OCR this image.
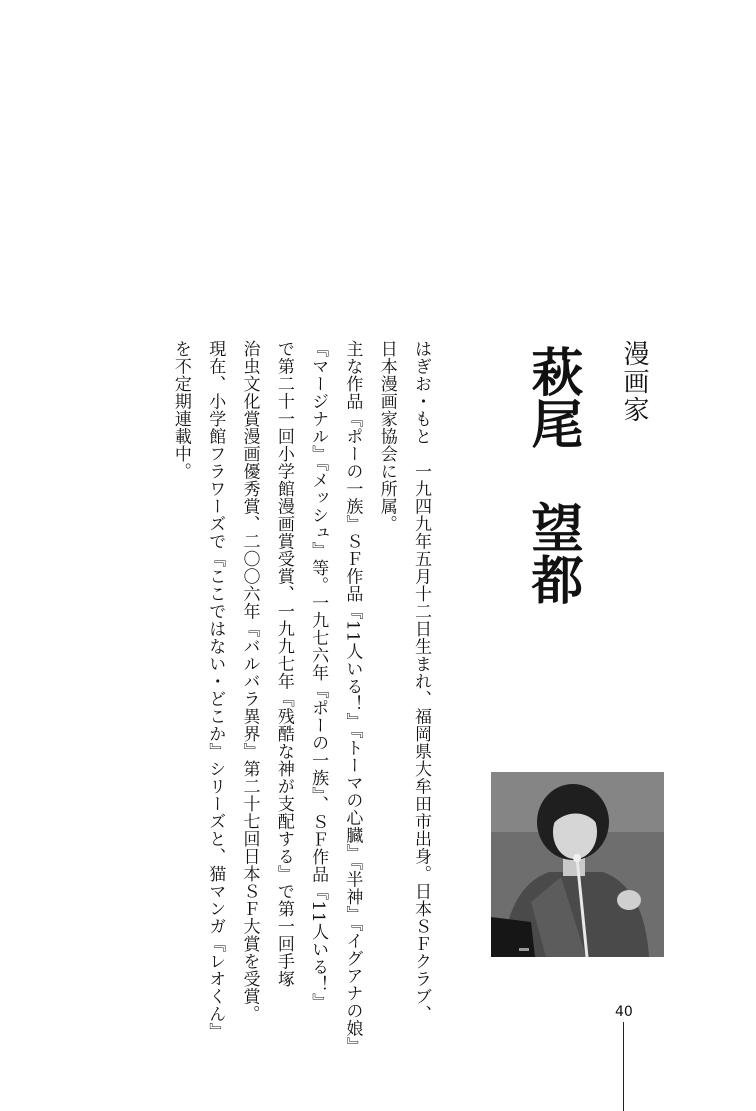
漫画家
萩尾　望都

はぎお・もと　一九四九年五月十二日生まれ、福岡県大牟田市出身。日本ＳＦクラブ、

日本漫画家協会に所属。

主な作品『ポーの一族』ＳＦ作品『11人いる！』『トーマの心臓』『半神』『イグアナの娘』

『マージナル』『メッシュ』等。一九七六年『ポーの一族』、ＳＦ作品『11人いる！』

で第二十一回小学館漫画賞受賞、一九九七年『残酷な神が支配する』で第一回手塚

治虫文化賞漫画優秀賞、二〇〇六年『バルバラ異界』第二十七回日本ＳＦ大賞を受賞。

現在、小学館フラワーズで『ここではない・どこか』シリーズと、猫マンガ『レオくん』

を不定期連載中。

40
